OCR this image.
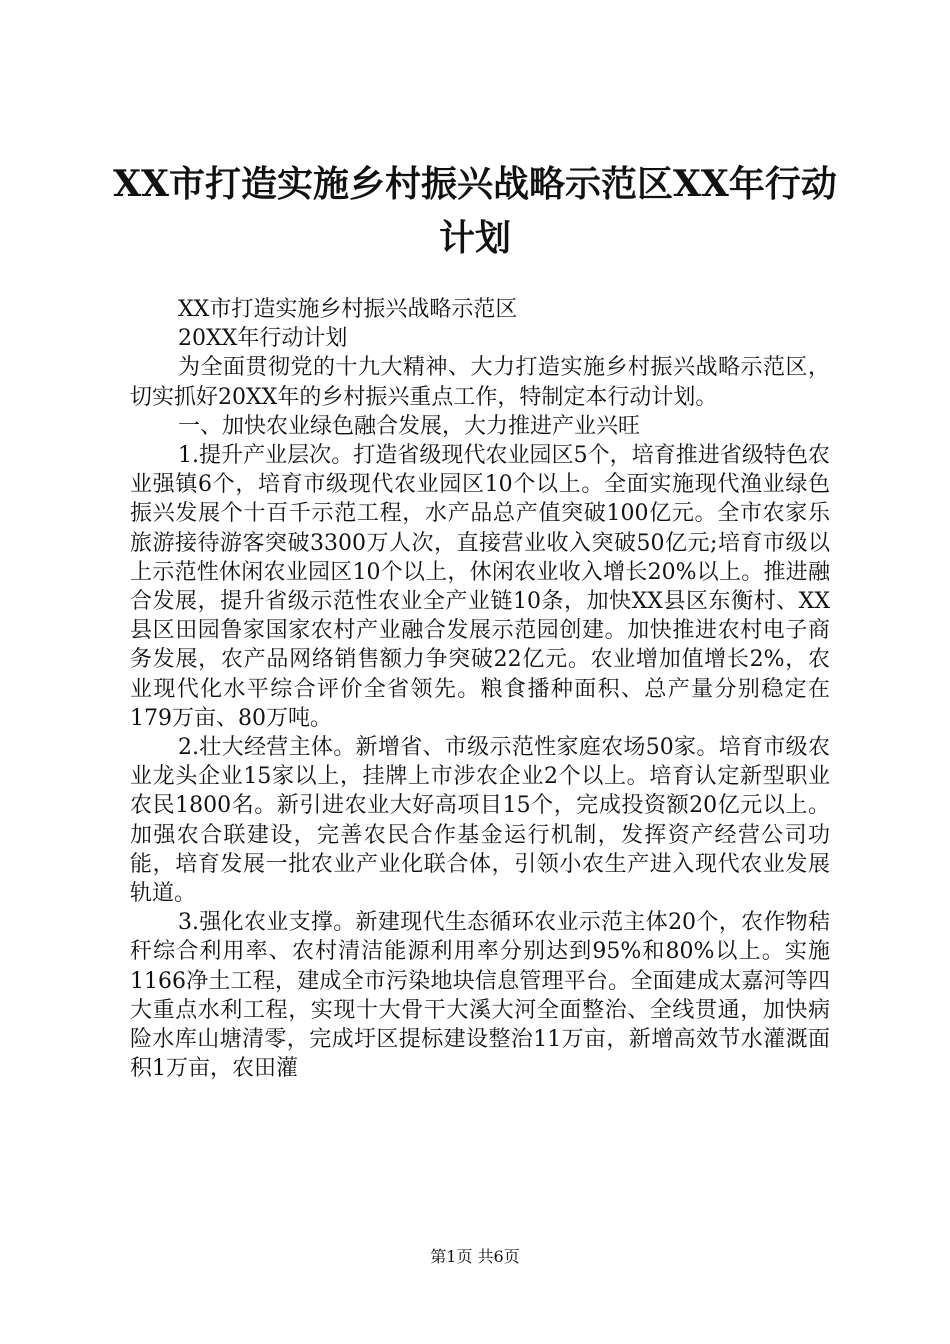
XX市打造实施乡村振兴战略示范区XX年行动
计划

XX市打造实施乡村振兴战略示范区

20XX年行动计划

为全面贯彻党的十九大精神、大力打造实施乡村振兴战略示范区，切实抓好20XX年的乡村振兴重点工作，特制定本行动计划。

一、加快农业绿色融合发展，大力推进产业兴旺

1.提升产业层次。打造省级现代农业园区5个，培育推进省级特色农业强镇6个，培育市级现代农业园区10个以上。全面实施现代渔业绿色振兴发展个十百千示范工程，水产品总产值突破100亿元。全市农家乐旅游接待游客突破3300万人次，直接营业收入突破50亿元;培育市级以上示范性休闲农业园区10个以上，休闲农业收入增长20%以上。推进融合发展，提升省级示范性农业全产业链10条，加快XX县区东衡村、XX县区田园鲁家国家农村产业融合发展示范园创建。加快推进农村电子商务发展，农产品网络销售额力争突破22亿元。农业增加值增长2%，农业现代化水平综合评价全省领先。粮食播种面积、总产量分别稳定在179万亩、80万吨。

2.壮大经营主体。新增省、市级示范性家庭农场50家。培育市级农业龙头企业15家以上，挂牌上市涉农企业2个以上。培育认定新型职业农民1800名。新引进农业大好高项目15个，完成投资额20亿元以上。加强农合联建设，完善农民合作基金运行机制，发挥资产经营公司功能，培育发展一批农业产业化联合体，引领小农生产进入现代农业发展轨道。

3.强化农业支撑。新建现代生态循环农业示范主体20个，农作物秸秆综合利用率、农村清洁能源利用率分别达到95%和80%以上。实施1166净土工程，建成全市污染地块信息管理平台。全面建成太嘉河等四大重点水利工程，实现十大骨干大溪大河全面整治、全线贯通，加快病险水库山塘清零，完成圩区提标建设整治11万亩，新增高效节水灌溉面积1万亩，农田灌

第1页 共6页
